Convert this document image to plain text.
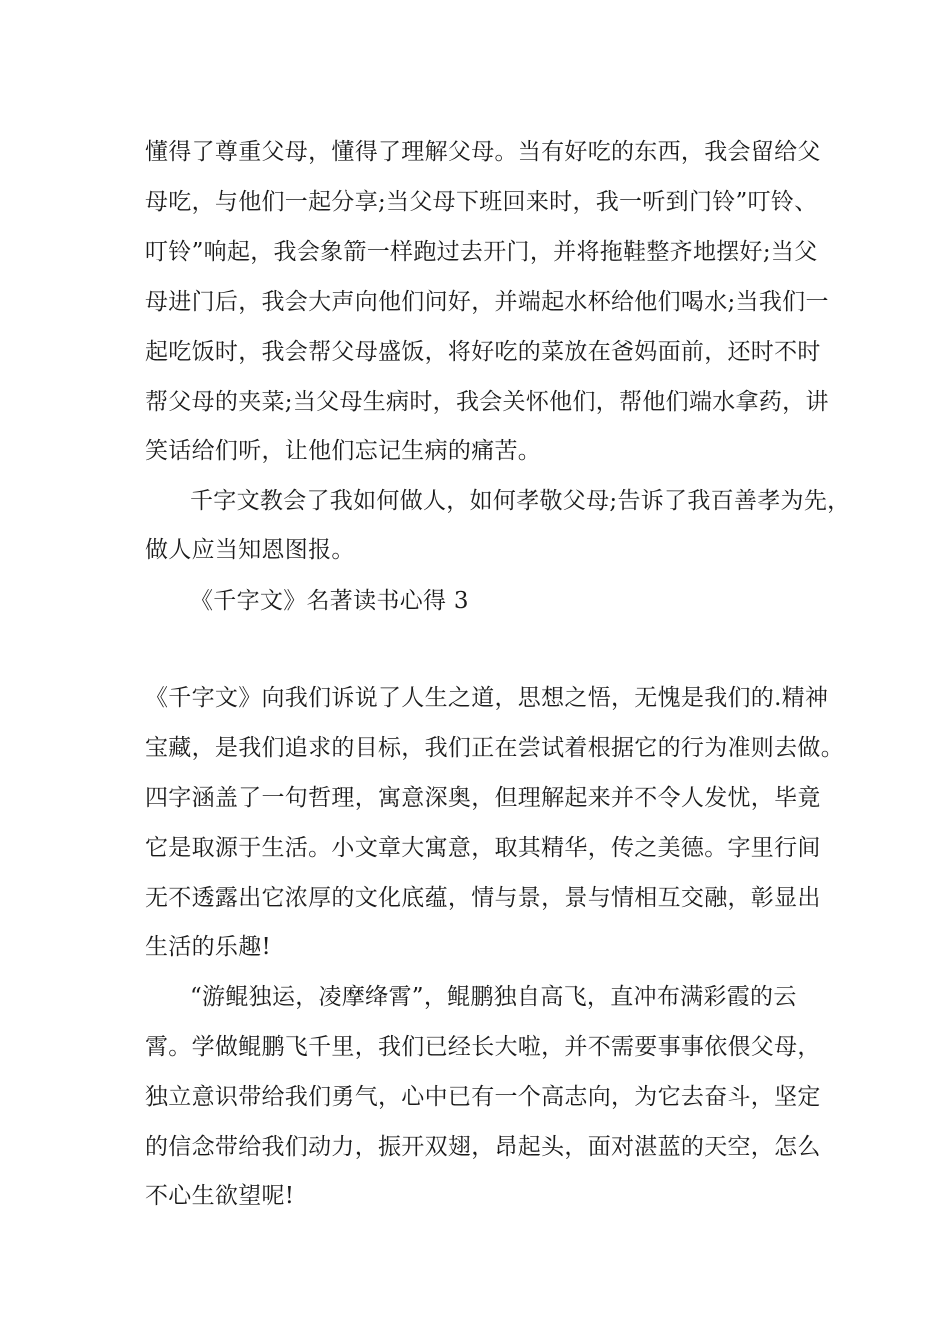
懂得了尊重父母，懂得了理解父母。当有好吃的东西，我会留给父
母吃，与他们一起分享;当父母下班回来时，我一听到门铃”叮铃、
叮铃”响起，我会象箭一样跑过去开门，并将拖鞋整齐地摆好;当父
母进门后，我会大声向他们问好，并端起水杯给他们喝水;当我们一
起吃饭时，我会帮父母盛饭，将好吃的菜放在爸妈面前，还时不时
帮父母的夹菜;当父母生病时，我会关怀他们，帮他们端水拿药，讲
笑话给们听，让他们忘记生病的痛苦。
千字文教会了我如何做人，如何孝敬父母;告诉了我百善孝为先，
做人应当知恩图报。
《千字文》名著读书心得 3
《千字文》向我们诉说了人生之道，思想之悟，无愧是我们的.精神
宝藏，是我们追求的目标，我们正在尝试着根据它的行为准则去做。
四字涵盖了一句哲理，寓意深奥，但理解起来并不令人发忧，毕竟
它是取源于生活。小文章大寓意，取其精华，传之美德。字里行间
无不透露出它浓厚的文化底蕴，情与景，景与情相互交融，彰显出
生活的乐趣!
“游鲲独运，凌摩绛霄”，鲲鹏独自高飞，直冲布满彩霞的云
霄。学做鲲鹏飞千里，我们已经长大啦，并不需要事事依偎父母，
独立意识带给我们勇气，心中已有一个高志向，为它去奋斗，坚定
的信念带给我们动力，振开双翅，昂起头，面对湛蓝的天空，怎么
不心生欲望呢!
